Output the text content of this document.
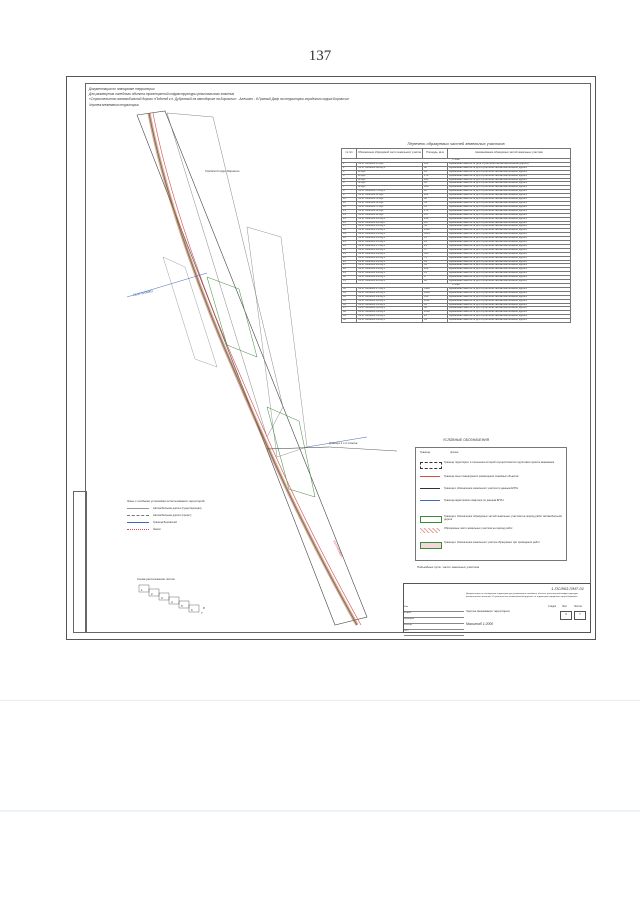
137
Документация по планировке территории
Для размещения линейного объекта транспортной инфраструктуры регионального значения
«Строительство автомобильной дороги «Подъезд к п. Дубровный на автодороге на Боровичи» - Алешино - д.Грязный Двор на территории городского округа Боровичи»
Чертеж межевания территории
Городской округ Боровичи
53:37:0209001
Граница 1 и 2 этапов
53:37:0208001
Перечень образуемых частей земельных участков
№ п/п	Обозначение образуемой части земельного участка	Площадь, кв.м	Наименование образуемых частей земельных участков
1 этап			
1	53:37:0209001:1/чзу1	184	Временная занятость (для строительства автомобильной дороги)
2	53:37:0209001:82/чзу1	48	Временная занятость для строительства автомобильной дороги
3	2/чзу1	34	Временная занятость для строительства автомобильной дороги
4	3/чзу1	170	Временная занятость для строительства автомобильной дороги
5	4/чзу1	295	Временная занятость для строительства автомобильной дороги
6	5/чзу1	96	Временная занятость для строительства автомобильной дороги
7	6/чзу1	168	Временная занятость для строительства автомобильной дороги
8	53:37:0208001:76/чзу1	18	Временная занятость для строительства автомобильной дороги
9	53:37:0208001:4/чзу1	110	Временная занятость для строительства автомобильной дороги
10	53:37:0208001:5/чзу1	92	Временная занятость для строительства автомобильной дороги
11	53:37:0208001:6/чзу1	54	Временная занятость для строительства автомобильной дороги
12	53:37:0208001:7/чзу1	31	Временная занятость для строительства автомобильной дороги
13	53:37:0208001:8/чзу1	173	Временная занятость для строительства автомобильной дороги
14	53:37:0208001:9/чзу1	127	Временная занятость для строительства автомобильной дороги
15	53:37:0208001:10/чзу1	210	Временная занятость для строительства автомобильной дороги
16	53:37:0208001:11/чзу1	107	Временная занятость для строительства автомобильной дороги
17	53:37:0208001:12/чзу1	59	Временная занятость для строительства автомобильной дороги
18	53:37:0208001:13/чзу1	2113	Временная занятость для строительства автомобильной дороги
19	53:37:0208001:14/чзу1	6261	Временная занятость для строительства автомобильной дороги
20	53:37:0208001:15/чзу1	35	Временная занятость для строительства автомобильной дороги
21	53:37:0208001:16/чзу1	63	Временная занятость для строительства автомобильной дороги
22	53:37:0208001:17/чзу1	21	Временная занятость для строительства автомобильной дороги
23	53:37:0208001:18/чзу1	57	Временная занятость для строительства автомобильной дороги
24	53:37:0208001:19/чзу1	323	Временная занятость для строительства автомобильной дороги
25	53:37:0208001:20/чзу1	71	Временная занятость для строительства автомобильной дороги
26	53:37:0208001:21/чзу1	44	Временная занятость для строительства автомобильной дороги
27	53:37:0208001:22/чзу1	83	Временная занятость для строительства автомобильной дороги
28	53:37:0208001:23/чзу1	226	Временная занятость для строительства автомобильной дороги
29	53:37:0208001:24/чзу1	13	Временная занятость для строительства автомобильной дороги
30	53:37:0208001:25/чзу1	6	Временная занятость для строительства автомобильной дороги
31	53:37:0208001:26/чзу1	98	Временная занятость для строительства автомобильной дороги
2 этап			
32	53:37:0209001:27/чзу1	3340	Временная занятость для строительства автомобильной дороги
33	53:37:0209001:28/чзу1	1060	Временная занятость для строительства автомобильной дороги
34	53:37:0209001:29/чзу1	313	Временная занятость для строительства автомобильной дороги
35	53:37:0209001:30/чзу1	1151	Временная занятость для строительства автомобильной дороги
36	53:37:0209001:31/чзу1	44	Временная занятость для строительства автомобильной дороги
37	53:37:0209001:32/чзу1	38	Временная занятость для строительства автомобильной дороги
38	53:37:0209001:33/чзу1	1202	Временная занятость для строительства автомобильной дороги
39	53:37:0209001:34/чзу1	25	Временная занятость для строительства автомобильной дороги
40	53:37:0209001:35/чзу1	81	Временная занятость для строительства автомобильной дороги
УСЛОВНЫЕ ОБОЗНАЧЕНИЯ
Граница	прочие
Граница территории, в отношении которой осуществляется подготовка проекта межевания
Граница зоны планируемого размещения линейных объектов
Граница и обозначение земельного участка по данным ЕГРН
Граница кадастрового квартала по данным ЕГРН
Граница и обозначение образуемых частей земельных участков на период работ автомобильной дороги
Образуемые части земельных участков на период работ
Граница и обозначение земельного участка образуемых при проведении работ
Подъездные пути, части земельных участков
Зоны с особыми условиями использования территорий
Автомобильная дорога (существующая)
Автомобильная дорога (проект)
Граница Боровичей
Земли
Схема расположения листов
1
2
3
4
5
6
7
8
1-ПС/863-ПМТ-01
Документация по планировке территории для размещения линейного объекта транспортной инфраструктуры регионального значения «Строительство автомобильной дороги» на территории городского округа Боровичи
Чертеж межевания территории
Масштаб 1:2000
Изм.
Разраб.
Проверил
Н.контр.
ГИП
Стадия Лист	Листов
3	7
